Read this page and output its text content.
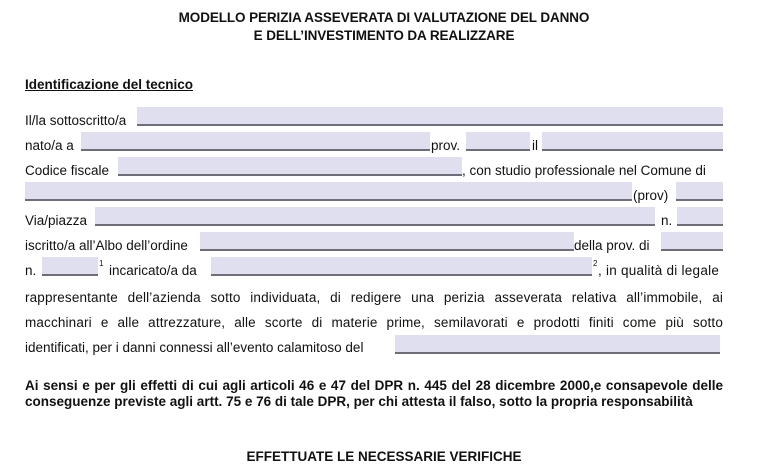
MODELLO PERIZIA ASSEVERATA DI VALUTAZIONE DEL DANNO
E DELL’INVESTIMENTO DA REALIZZARE
Identificazione del tecnico
Il/la sottoscritto/a
nato/a a	prov.	il
Codice fiscale	, con studio professionale nel Comune di
(prov)
Via/piazza	n.
iscritto/a all’Albo dell’ordine	della prov. di
n.	1 incaricato/a da	2 , in qualità di legale
rappresentante dell’azienda sotto individuata, di redigere una perizia asseverata relativa all’immobile, ai
macchinari e alle attrezzature, alle scorte di materie prime, semilavorati e prodotti finiti come più sotto
identificati, per i danni connessi all’evento calamitoso del
Ai sensi e per gli effetti di cui agli articoli 46 e 47 del DPR n. 445 del 28 dicembre 2000,e consapevole delle conseguenze previste agli artt. 75 e 76 di tale DPR, per chi attesta il falso, sotto la propria responsabilità
EFFETTUATE LE NECESSARIE VERIFICHE
